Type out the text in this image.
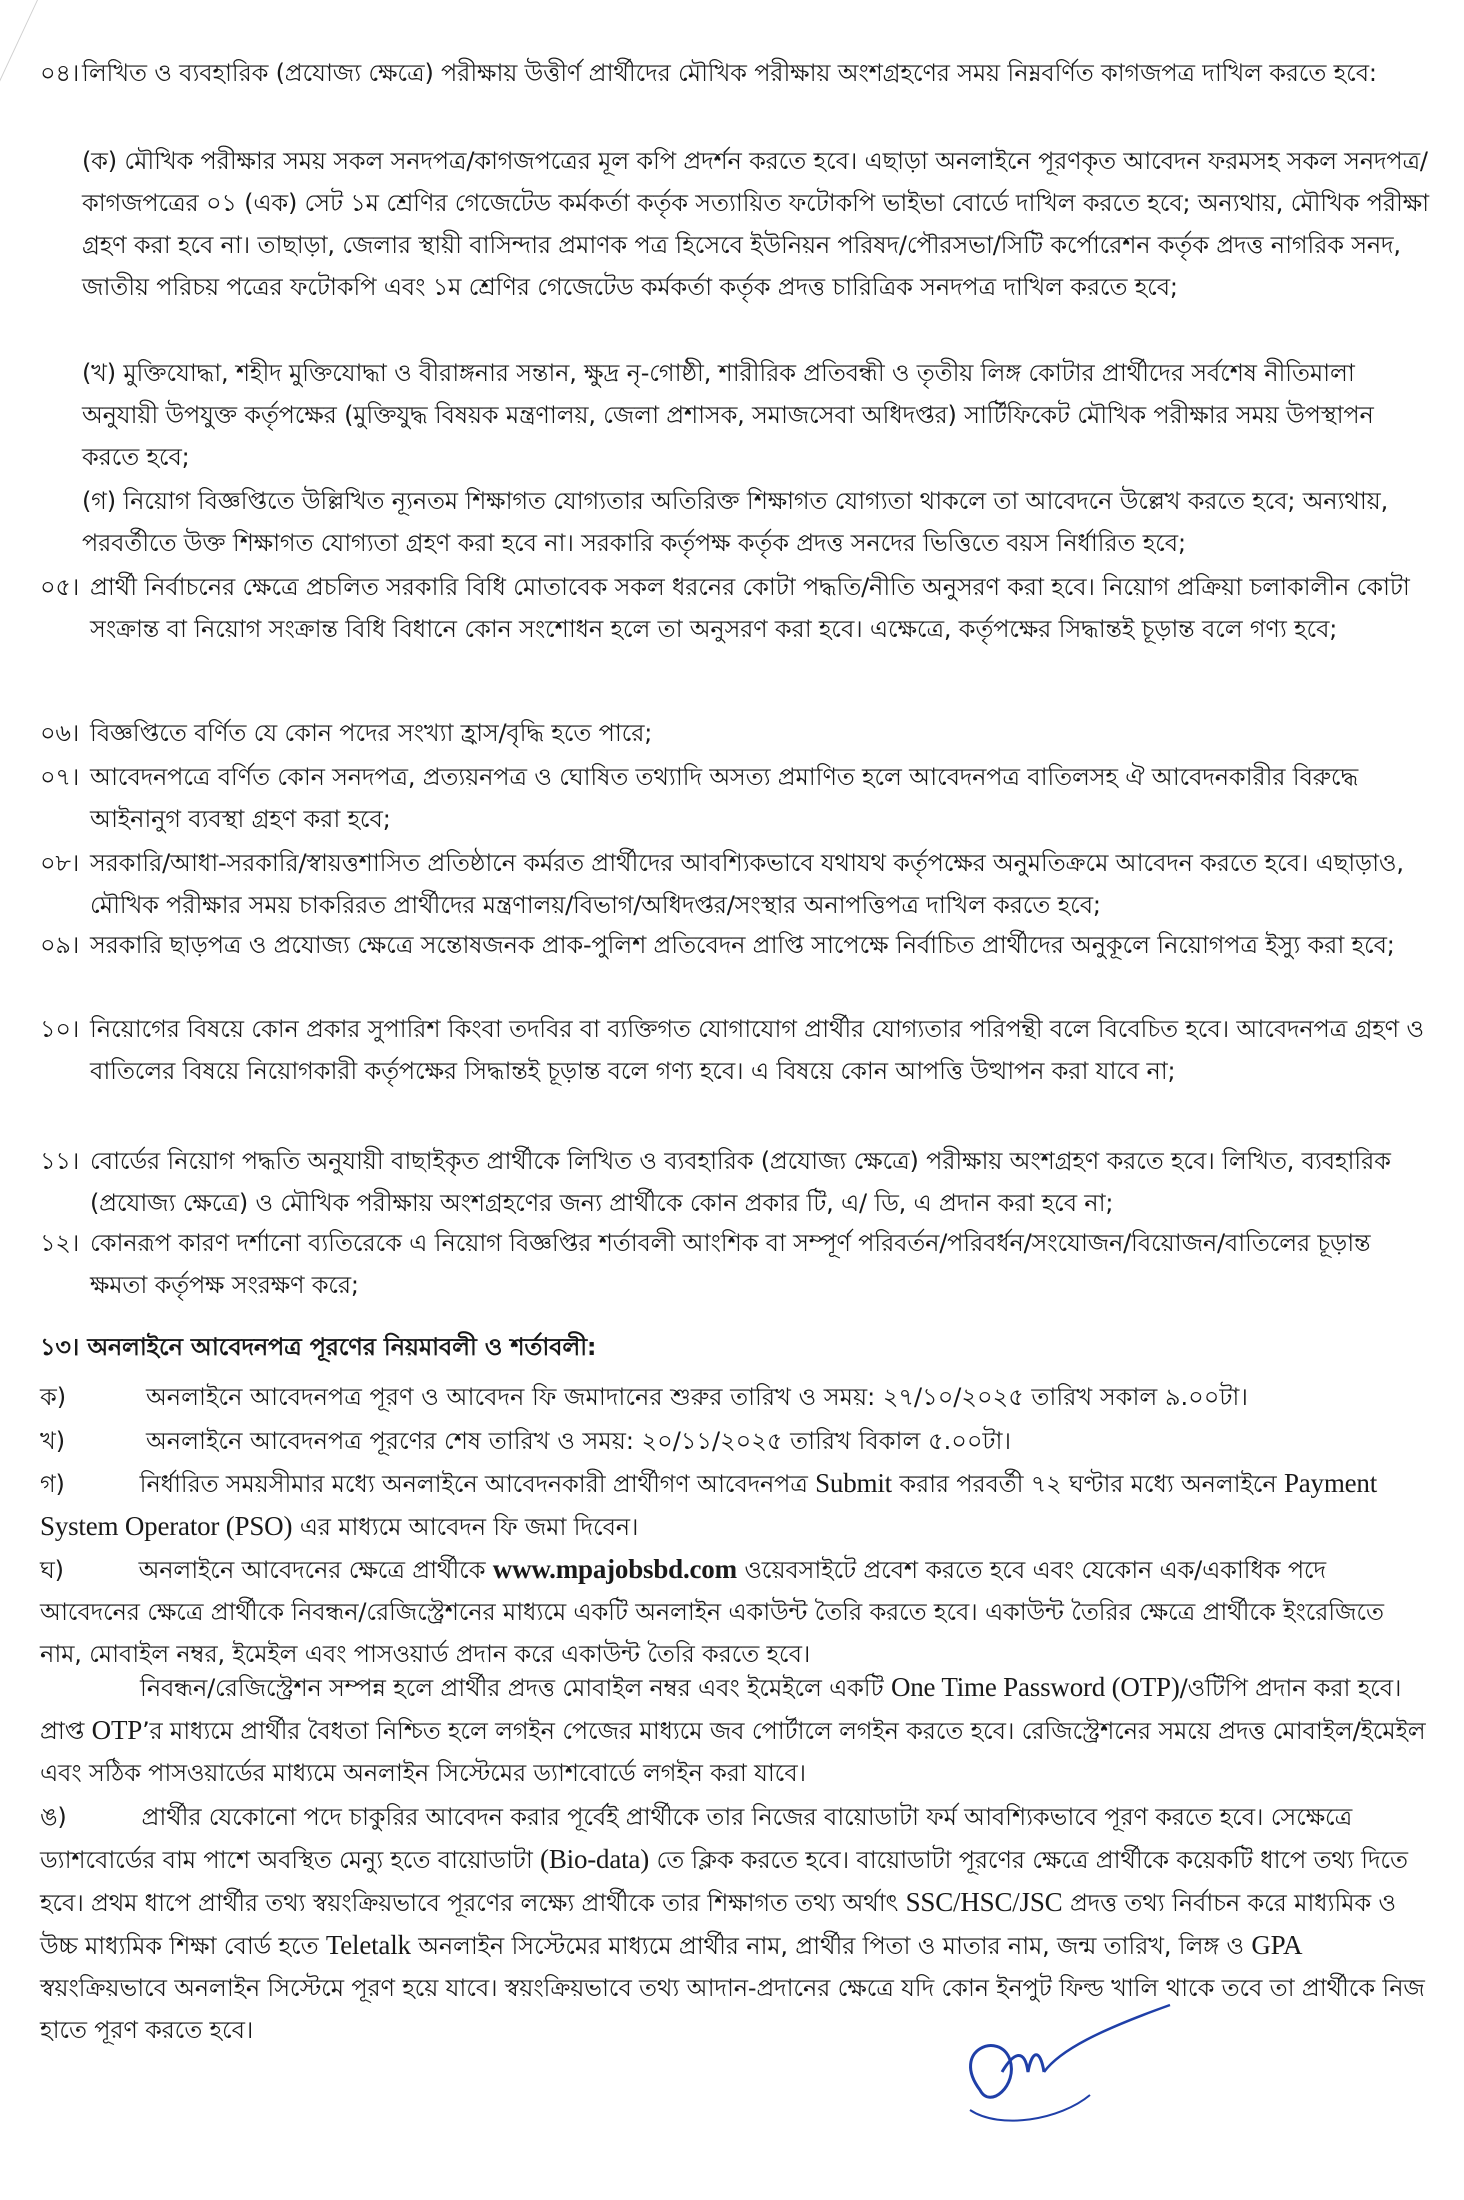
০৪। লিখিত ও ব্যবহারিক (প্রযোজ্য ক্ষেত্রে) পরীক্ষায় উত্তীর্ণ প্রার্থীদের মৌখিক পরীক্ষায় অংশগ্রহণের সময় নিম্নবর্ণিত কাগজপত্র দাখিল করতে হবে:

(ক) মৌখিক পরীক্ষার সময় সকল সনদপত্র/কাগজপত্রের মূল কপি প্রদর্শন করতে হবে। এছাড়া অনলাইনে পূরণকৃত আবেদন ফরমসহ সকল সনদপত্র/কাগজপত্রের ০১ (এক) সেট ১ম শ্রেণির গেজেটেড কর্মকর্তা কর্তৃক সত্যায়িত ফটোকপি ভাইভা বোর্ডে দাখিল করতে হবে; অন্যথায়, মৌখিক পরীক্ষা গ্রহণ করা হবে না। তাছাড়া, জেলার স্থায়ী বাসিন্দার প্রমাণক পত্র হিসেবে ইউনিয়ন পরিষদ/পৌরসভা/সিটি কর্পোরেশন কর্তৃক প্রদত্ত নাগরিক সনদ, জাতীয় পরিচয় পত্রের ফটোকপি এবং ১ম শ্রেণির গেজেটেড কর্মকর্তা কর্তৃক প্রদত্ত চারিত্রিক সনদপত্র দাখিল করতে হবে;

(খ) মুক্তিযোদ্ধা, শহীদ মুক্তিযোদ্ধা ও বীরাঙ্গনার সন্তান, ক্ষুদ্র নৃ-গোষ্ঠী, শারীরিক প্রতিবন্ধী ও তৃতীয় লিঙ্গ কোটার প্রার্থীদের সর্বশেষ নীতিমালা অনুযায়ী উপযুক্ত কর্তৃপক্ষের (মুক্তিযুদ্ধ বিষয়ক মন্ত্রণালয়, জেলা প্রশাসক, সমাজসেবা অধিদপ্তর) সার্টিফিকেট মৌখিক পরীক্ষার সময় উপস্থাপন করতে হবে;

(গ) নিয়োগ বিজ্ঞপ্তিতে উল্লিখিত ন্যূনতম শিক্ষাগত যোগ্যতার অতিরিক্ত শিক্ষাগত যোগ্যতা থাকলে তা আবেদনে উল্লেখ করতে হবে; অন্যথায়, পরবর্তীতে উক্ত শিক্ষাগত যোগ্যতা গ্রহণ করা হবে না। সরকারি কর্তৃপক্ষ কর্তৃক প্রদত্ত সনদের ভিত্তিতে বয়স নির্ধারিত হবে;

০৫। প্রার্থী নির্বাচনের ক্ষেত্রে প্রচলিত সরকারি বিধি মোতাবেক সকল ধরনের কোটা পদ্ধতি/নীতি অনুসরণ করা হবে। নিয়োগ প্রক্রিয়া চলাকালীন কোটা সংক্রান্ত বা নিয়োগ সংক্রান্ত বিধি বিধানে কোন সংশোধন হলে তা অনুসরণ করা হবে। এক্ষেত্রে, কর্তৃপক্ষের সিদ্ধান্তই চূড়ান্ত বলে গণ্য হবে;

০৬। বিজ্ঞপ্তিতে বর্ণিত যে কোন পদের সংখ্যা হ্রাস/বৃদ্ধি হতে পারে;

০৭। আবেদনপত্রে বর্ণিত কোন সনদপত্র, প্রত্যয়নপত্র ও ঘোষিত তথ্যাদি অসত্য প্রমাণিত হলে আবেদনপত্র বাতিলসহ ঐ আবেদনকারীর বিরুদ্ধে আইনানুগ ব্যবস্থা গ্রহণ করা হবে;

০৮। সরকারি/আধা-সরকারি/স্বায়ত্তশাসিত প্রতিষ্ঠানে কর্মরত প্রার্থীদের আবশ্যিকভাবে যথাযথ কর্তৃপক্ষের অনুমতিক্রমে আবেদন করতে হবে। এছাড়াও, মৌখিক পরীক্ষার সময় চাকরিরত প্রার্থীদের মন্ত্রণালয়/বিভাগ/অধিদপ্তর/সংস্থার অনাপত্তিপত্র দাখিল করতে হবে;

০৯। সরকারি ছাড়পত্র ও প্রযোজ্য ক্ষেত্রে সন্তোষজনক প্রাক-পুলিশ প্রতিবেদন প্রাপ্তি সাপেক্ষে নির্বাচিত প্রার্থীদের অনুকূলে নিয়োগপত্র ইস্যু করা হবে;

১০। নিয়োগের বিষয়ে কোন প্রকার সুপারিশ কিংবা তদবির বা ব্যক্তিগত যোগাযোগ প্রার্থীর যোগ্যতার পরিপন্থী বলে বিবেচিত হবে। আবেদনপত্র গ্রহণ ও বাতিলের বিষয়ে নিয়োগকারী কর্তৃপক্ষের সিদ্ধান্তই চূড়ান্ত বলে গণ্য হবে। এ বিষয়ে কোন আপত্তি উত্থাপন করা যাবে না;

১১। বোর্ডের নিয়োগ পদ্ধতি অনুযায়ী বাছাইকৃত প্রার্থীকে লিখিত ও ব্যবহারিক (প্রযোজ্য ক্ষেত্রে) পরীক্ষায় অংশগ্রহণ করতে হবে। লিখিত, ব্যবহারিক (প্রযোজ্য ক্ষেত্রে) ও মৌখিক পরীক্ষায় অংশগ্রহণের জন্য প্রার্থীকে কোন প্রকার টি, এ/ ডি, এ প্রদান করা হবে না;

১২। কোনরূপ কারণ দর্শানো ব্যতিরেকে এ নিয়োগ বিজ্ঞপ্তির শর্তাবলী আংশিক বা সম্পূর্ণ পরিবর্তন/পরিবর্ধন/সংযোজন/বিয়োজন/বাতিলের চূড়ান্ত ক্ষমতা কর্তৃপক্ষ সংরক্ষণ করে;

১৩। অনলাইনে আবেদনপত্র পূরণের নিয়মাবলী ও শর্তাবলী:

ক)	অনলাইনে আবেদনপত্র পূরণ ও আবেদন ফি জমাদানের শুরুর তারিখ ও সময়: ২৭/১০/২০২৫ তারিখ সকাল ৯.০০টা।
খ)	অনলাইনে আবেদনপত্র পূরণের শেষ তারিখ ও সময়: ২০/১১/২০২৫ তারিখ বিকাল ৫.০০টা।

গ)	নির্ধারিত সময়সীমার মধ্যে অনলাইনে আবেদনকারী প্রার্থীগণ আবেদনপত্র Submit করার পরবর্তী ৭২ ঘণ্টার মধ্যে অনলাইনে Payment System Operator (PSO) এর মাধ্যমে আবেদন ফি জমা দিবেন।

ঘ)	অনলাইনে আবেদনের ক্ষেত্রে প্রার্থীকে www.mpajobsbd.com ওয়েবসাইটে প্রবেশ করতে হবে এবং যেকোন এক/একাধিক পদে আবেদনের ক্ষেত্রে প্রার্থীকে নিবন্ধন/রেজিস্ট্রেশনের মাধ্যমে একটি অনলাইন একাউন্ট তৈরি করতে হবে। একাউন্ট তৈরির ক্ষেত্রে প্রার্থীকে ইংরেজিতে নাম, মোবাইল নম্বর, ইমেইল এবং পাসওয়ার্ড প্রদান করে একাউন্ট তৈরি করতে হবে।

নিবন্ধন/রেজিস্ট্রেশন সম্পন্ন হলে প্রার্থীর প্রদত্ত মোবাইল নম্বর এবং ইমেইলে একটি One Time Password (OTP)/ওটিপি প্রদান করা হবে। প্রাপ্ত OTP’র মাধ্যমে প্রার্থীর বৈধতা নিশ্চিত হলে লগইন পেজের মাধ্যমে জব পোর্টালে লগইন করতে হবে। রেজিস্ট্রেশনের সময়ে প্রদত্ত মোবাইল/ইমেইল এবং সঠিক পাসওয়ার্ডের মাধ্যমে অনলাইন সিস্টেমের ড্যাশবোর্ডে লগইন করা যাবে।

ঙ)	প্রার্থীর যেকোনো পদে চাকুরির আবেদন করার পূর্বেই প্রার্থীকে তার নিজের বায়োডাটা ফর্ম আবশ্যিকভাবে পূরণ করতে হবে। সেক্ষেত্রে ড্যাশবোর্ডের বাম পাশে অবস্থিত মেন্যু হতে বায়োডাটা (Bio-data) তে ক্লিক করতে হবে। বায়োডাটা পূরণের ক্ষেত্রে প্রার্থীকে কয়েকটি ধাপে তথ্য দিতে হবে। প্রথম ধাপে প্রার্থীর তথ্য স্বয়ংক্রিয়ভাবে পূরণের লক্ষ্যে প্রার্থীকে তার শিক্ষাগত তথ্য অর্থাৎ SSC/HSC/JSC প্রদত্ত তথ্য নির্বাচন করে মাধ্যমিক ও উচ্চ মাধ্যমিক শিক্ষা বোর্ড হতে Teletalk অনলাইন সিস্টেমের মাধ্যমে প্রার্থীর নাম, প্রার্থীর পিতা ও মাতার নাম, জন্ম তারিখ, লিঙ্গ ও GPA স্বয়ংক্রিয়ভাবে অনলাইন সিস্টেমে পূরণ হয়ে যাবে। স্বয়ংক্রিয়ভাবে তথ্য আদান-প্রদানের ক্ষেত্রে যদি কোন ইনপুট ফিল্ড খালি থাকে তবে তা প্রার্থীকে নিজ হাতে পূরণ করতে হবে।
